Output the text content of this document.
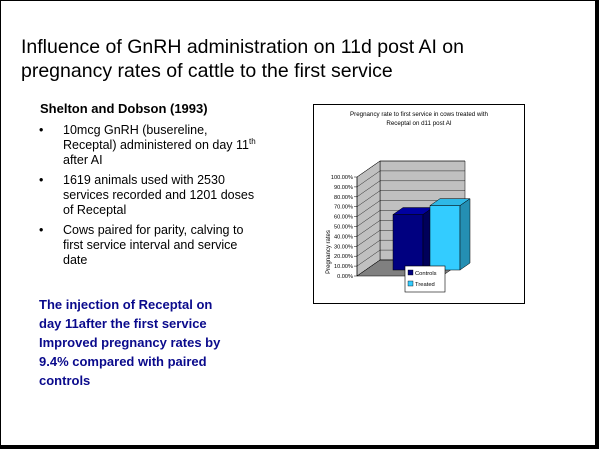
Influence of GnRH administration on 11d post AI on
pregnancy rates of cattle to the first service
Shelton and Dobson (1993)
• 10mcg GnRH (busereline,
Receptal) administered on day 11th
after AI
• 1619 animals used with 2530
services recorded and 1201 doses
of Receptal
• Cows paired for parity, calving to
first service interval and service
date
The injection of Receptal on
day 11after the first service
Improved pregnancy rates by
9.4% compared with paired
controls
Pregnancy rate to first service in cows treated with
Receptal on d11 post AI
Pregnancy rates
0.00%
10.00%
20.00%
30.00%
40.00%
50.00%
60.00%
70.00%
80.00%
90.00%
100.00%
Controls
Treated
